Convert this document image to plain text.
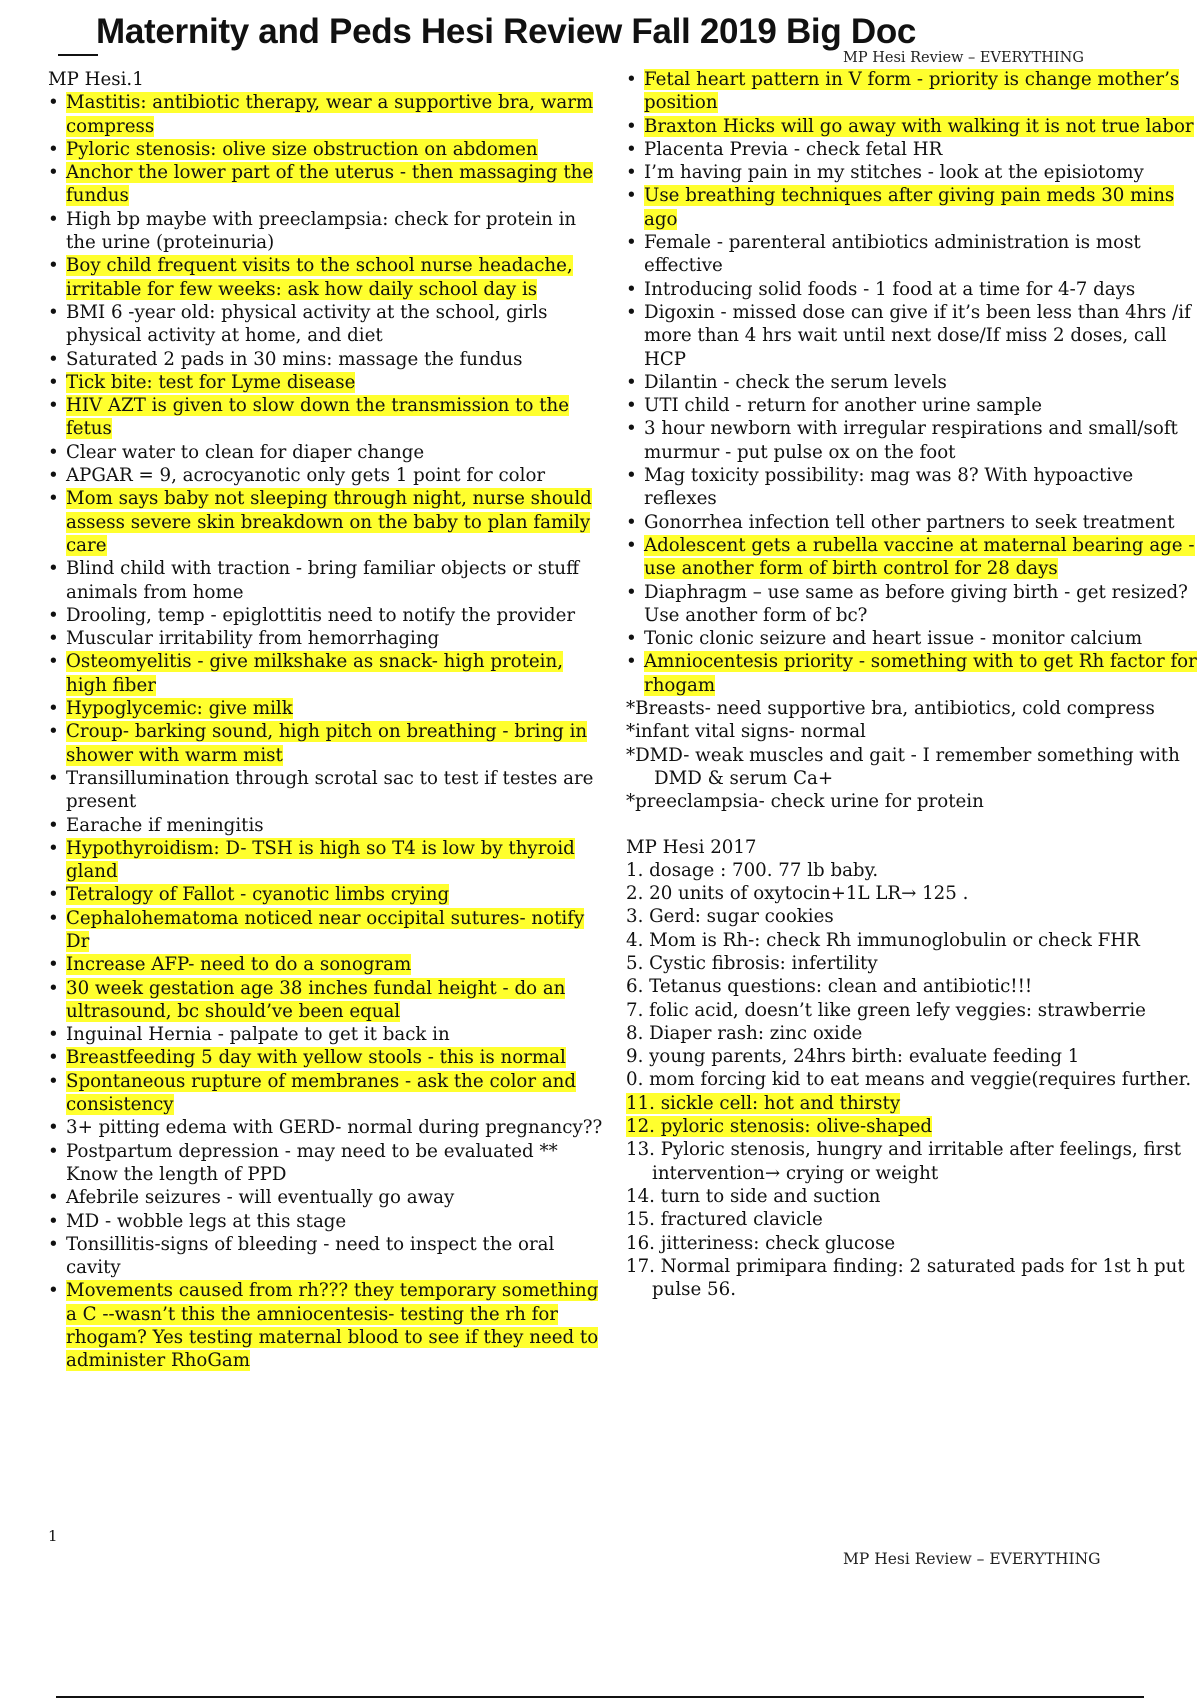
Maternity and Peds Hesi Review Fall 2019 Big Doc
MP Hesi Review – EVERYTHING
MP Hesi.1
• Mastitis: antibiotic therapy, wear a supportive bra, warm compress
• Pyloric stenosis: olive size obstruction on abdomen
• Anchor the lower part of the uterus - then massaging the fundus
• High bp maybe with preeclampsia: check for protein in the urine (proteinuria)
• Boy child frequent visits to the school nurse headache, irritable for few weeks: ask how daily school day is
• BMI 6 -year old: physical activity at the school, girls physical activity at home, and diet
• Saturated 2 pads in 30 mins: massage the fundus
• Tick bite: test for Lyme disease
• HIV AZT is given to slow down the transmission to the fetus
• Clear water to clean for diaper change
• APGAR = 9, acrocyanotic only gets 1 point for color
• Mom says baby not sleeping through night, nurse should assess severe skin breakdown on the baby to plan family care
• Blind child with traction - bring familiar objects or stuff animals from home
• Drooling, temp - epiglottitis need to notify the provider
• Muscular irritability from hemorrhaging
• Osteomyelitis - give milkshake as snack- high protein, high fiber
• Hypoglycemic: give milk
• Croup- barking sound, high pitch on breathing - bring in shower with warm mist
• Transillumination through scrotal sac to test if testes are present
• Earache if meningitis
• Hypothyroidism: D- TSH is high so T4 is low by thyroid gland
• Tetralogy of Fallot - cyanotic limbs crying
• Cephalohematoma noticed near occipital sutures- notify Dr
• Increase AFP- need to do a sonogram
• 30 week gestation age 38 inches fundal height - do an ultrasound, bc should’ve been equal
• Inguinal Hernia - palpate to get it back in
• Breastfeeding 5 day with yellow stools - this is normal
• Spontaneous rupture of membranes - ask the color and consistency
• 3+ pitting edema with GERD- normal during pregnancy??
• Postpartum depression - may need to be evaluated ** Know the length of PPD
• Afebrile seizures - will eventually go away
• MD - wobble legs at this stage
• Tonsillitis-signs of bleeding - need to inspect the oral cavity
• Movements caused from rh??? they temporary something a C --wasn’t this the amniocentesis- testing the rh for rhogam? Yes testing maternal blood to see if they need to administer RhoGam
• Fetal heart pattern in V form - priority is change mother’s position
• Braxton Hicks will go away with walking it is not true labor
• Placenta Previa - check fetal HR
• I’m having pain in my stitches - look at the episiotomy
• Use breathing techniques after giving pain meds 30 mins ago
• Female - parenteral antibiotics administration is most effective
• Introducing solid foods - 1 food at a time for 4-7 days
• Digoxin - missed dose can give if it’s been less than 4hrs /if more than 4 hrs wait until next dose/If miss 2 doses, call HCP
• Dilantin - check the serum levels
• UTI child - return for another urine sample
• 3 hour newborn with irregular respirations and small/soft murmur - put pulse ox on the foot
• Mag toxicity possibility: mag was 8? With hypoactive reflexes
• Gonorrhea infection tell other partners to seek treatment
• Adolescent gets a rubella vaccine at maternal bearing age - use another form of birth control for 28 days
• Diaphragm – use same as before giving birth - get resized? Use another form of bc?
• Tonic clonic seizure and heart issue - monitor calcium
• Amniocentesis priority - something with to get Rh factor for rhogam
*Breasts- need supportive bra, antibiotics, cold compress
*infant vital signs- normal
*DMD- weak muscles and gait - I remember something with DMD & serum Ca+
*preeclampsia- check urine for protein
MP Hesi 2017
1. dosage : 700. 77 lb baby.
2. 20 units of oxytocin+1L LR→ 125 .
3. Gerd: sugar cookies
4. Mom is Rh-: check Rh immunoglobulin or check FHR
5. Cystic fibrosis: infertility
6. Tetanus questions: clean and antibiotic!!!
7. folic acid, doesn’t like green lefy veggies: strawberrie
8. Diaper rash: zinc oxide
9. young parents, 24hrs birth: evaluate feeding 1
0. mom forcing kid to eat means and veggie(requires further.
11. sickle cell: hot and thirsty
12. pyloric stenosis: olive-shaped
13. Pyloric stenosis, hungry and irritable after feelings, first intervention→ crying or weight
14. turn to side and suction
15. fractured clavicle
16. jitteriness: check glucose
17. Normal primipara finding: 2 saturated pads for 1st h put pulse 56.
1
MP Hesi Review – EVERYTHING
